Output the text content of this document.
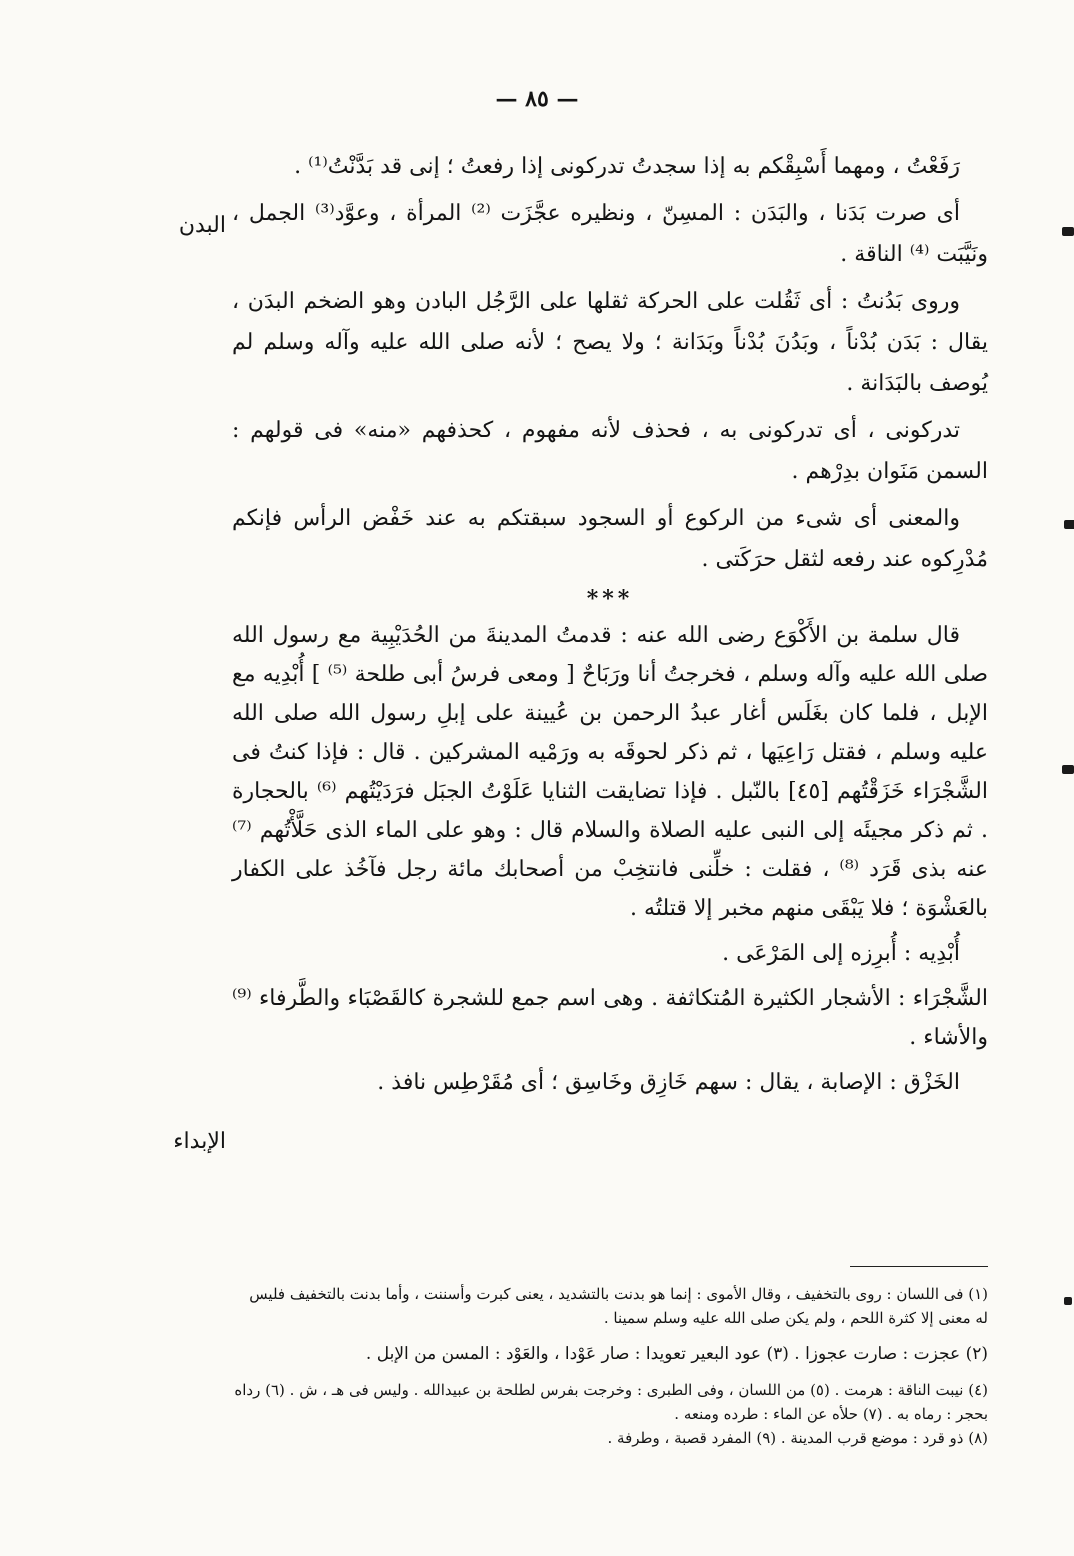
— ٨٥ —
البدن
الإبداء

رَفَعْتُ ، ومهما أَسْبِقْكم به إذا سجدتُ تدركونى إذا رفعتُ ؛ إنى قد بَدَّنْتُ⁽¹⁾ .

أى صرت بَدَنا ، والبَدَن : المسِنّ ، ونظيره عجَّزَت ⁽²⁾ المرأة ، وعوَّد⁽³⁾ الجمل ، ونَيَّبَت ⁽⁴⁾ الناقة .

وروى بَدُنتُ : أى ثَقُلت على الحركة ثقلها على الرَّجُل البادن وهو الضخم البدَن ، يقال : بَدَن بُدْناً ، وبَدُنَ بُدْناً وبَدَانة ؛ ولا يصح ؛ لأنه صلى الله عليه وآله وسلم لم يُوصف بالبَدَانة .

تدركونى ، أى تدركونى به ، فحذف لأنه مفهوم ، كحذفهم «منه» فى قولهم : السمن مَنَوان بدِرْهم .

والمعنى أى شىء من الركوع أو السجود سبقتكم به عند خَفْض الرأس فإنكم مُدْرِكوه عند رفعه لثقل حرَكَتى .

***

قال سلمة بن الأَكْوَع رضى الله عنه : قدمتُ المدينةَ من الحُدَيْبِية مع رسول الله صلى الله عليه وآله وسلم ، فخرجتُ أنا ورَبَاحٌ [ ومعى فرسُ أبى طلحة ⁽⁵⁾ ] أُبْدِيه مع الإبل ، فلما كان بغَلَس أغار عبدُ الرحمن بن عُيينة على إبلِ رسول الله صلى الله عليه وسلم ، فقتل رَاعِيَها ، ثم ذكر لحوقَه به ورَمْيه المشركين . قال : فإذا كنتُ فى الشَّجْرَاء خَزَقْتُهم [٤٥] بالنّبل . فإذا تضايقت الثنايا عَلَوْتُ الجبَل فرَدَيْتُهم ⁽⁶⁾ بالحجارة . ثم ذكر مجيئَه إلى النبى عليه الصلاة والسلام قال : وهو على الماء الذى حَلَّأْتُهم ⁽⁷⁾ عنه بذى قَرَد ⁽⁸⁾ ، فقلت : خلِّنى فانتخِبْ من أصحابك مائة رجل فآخُذ على الكفار بالعَشْوَة ؛ فلا يَبْقَى منهم مخبر إلا قتلتُه .

أُبْدِيه : أُبرِزه إلى المَرْعَى .

الشَّجْرَاء : الأشجار الكثيرة المُتكاثفة . وهى اسم جمع للشجرة كالقَصْبَاء والطَّرفاء ⁽⁹⁾ والأشاء .

الخَزْق : الإصابة ، يقال : سهم خَازِق وخَاسِق ؛ أى مُقَرْطِس نافذ .

(١) فى اللسان : روى بالتخفيف ، وقال الأموى : إنما هو بدنت بالتشديد ، يعنى كبرت وأسننت ، وأما بدنت بالتخفيف فليس له معنى إلا كثرة اللحم ، ولم يكن صلى الله عليه وسلم سمينا .

(٢) عجزت : صارت عجوزا . (٣) عود البعير تعويدا : صار عَوْدا ، والعَوْد : المسن من الإبل .

(٤) نيبت الناقة : هرمت . (٥) من اللسان ، وفى الطبرى : وخرجت بفرس لطلحة بن عبيدالله . وليس فى هـ ، ش . (٦) رداه بحجر : رماه به . (٧) حلأه عن الماء : طرده ومنعه .

(٨) ذو قرد : موضع قرب المدينة . (٩) المفرد قصبة ، وطرفة .
